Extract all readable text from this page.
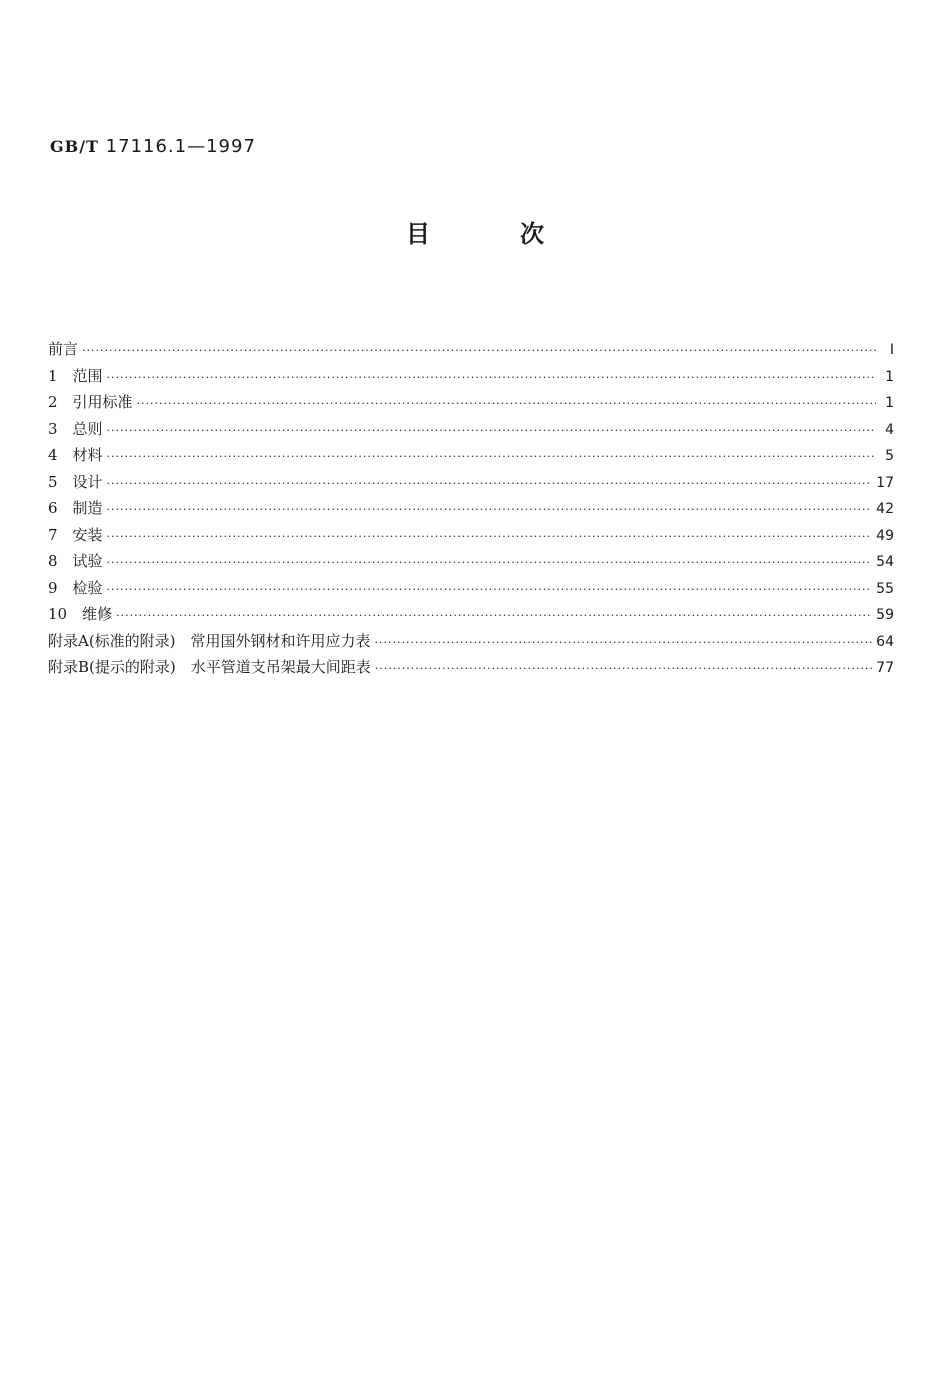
GB/T 17116.1—1997
目次
前言 ·····	I
1　范围 ·····	1
2　引用标准 ·····	1
3　总则 ·····	4
4　材料 ·····	5
5　设计 ·····	17
6　制造 ·····	42
7　安装 ·····	49
8　试验 ·····	54
9　检验 ·····	55
10　维修 ·····	59
附录A(标准的附录)　常用国外钢材和许用应力表 ·····	64
附录B(提示的附录)　水平管道支吊架最大间距表 ·····	77
